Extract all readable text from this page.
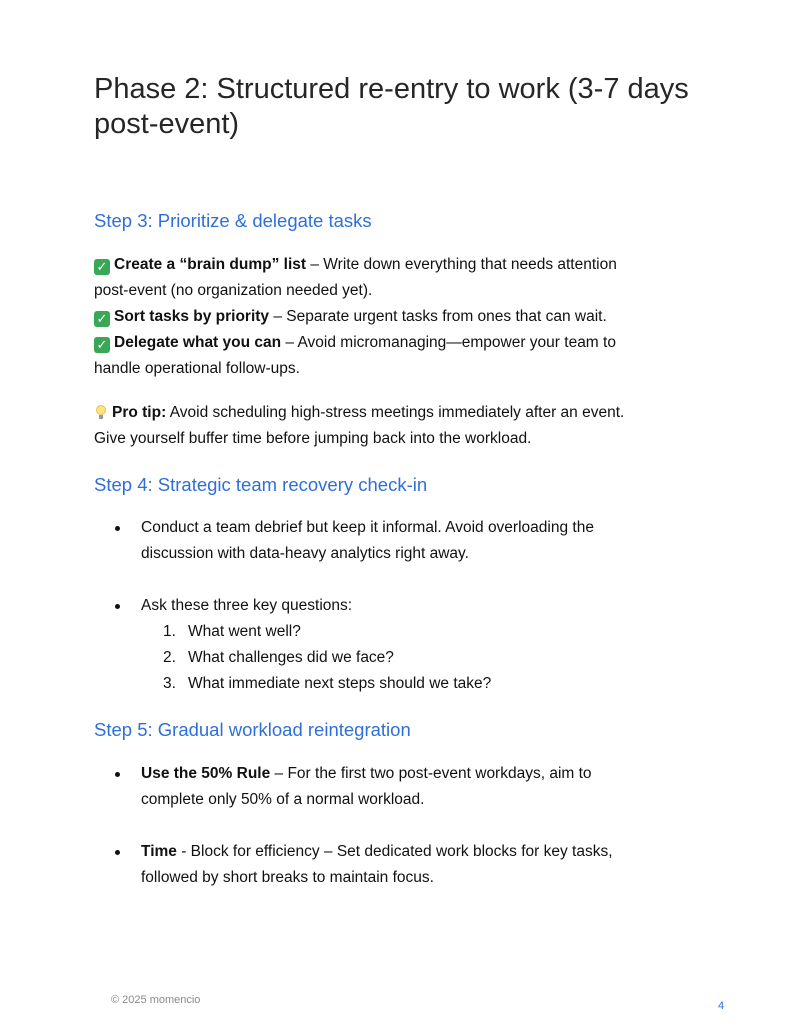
Phase 2: Structured re-entry to work (3-7 days post-event)
Step 3: Prioritize & delegate tasks
✓ Create a “brain dump” list – Write down everything that needs attention
post-event (no organization needed yet).
✓ Sort tasks by priority – Separate urgent tasks from ones that can wait.
✓ Delegate what you can – Avoid micromanaging—empower your team to
handle operational follow-ups.
Pro tip: Avoid scheduling high-stress meetings immediately after an event.
Give yourself buffer time before jumping back into the workload.
Step 4: Strategic team recovery check-in
Conduct a team debrief but keep it informal. Avoid overloading the
discussion with data-heavy analytics right away.
Ask these three key questions:
1. What went well?
2. What challenges did we face?
3. What immediate next steps should we take?
Step 5: Gradual workload reintegration
Use the 50% Rule – For the first two post-event workdays, aim to
complete only 50% of a normal workload.
Time - Block for efficiency – Set dedicated work blocks for key tasks,
followed by short breaks to maintain focus.
© 2025 momencio	4
